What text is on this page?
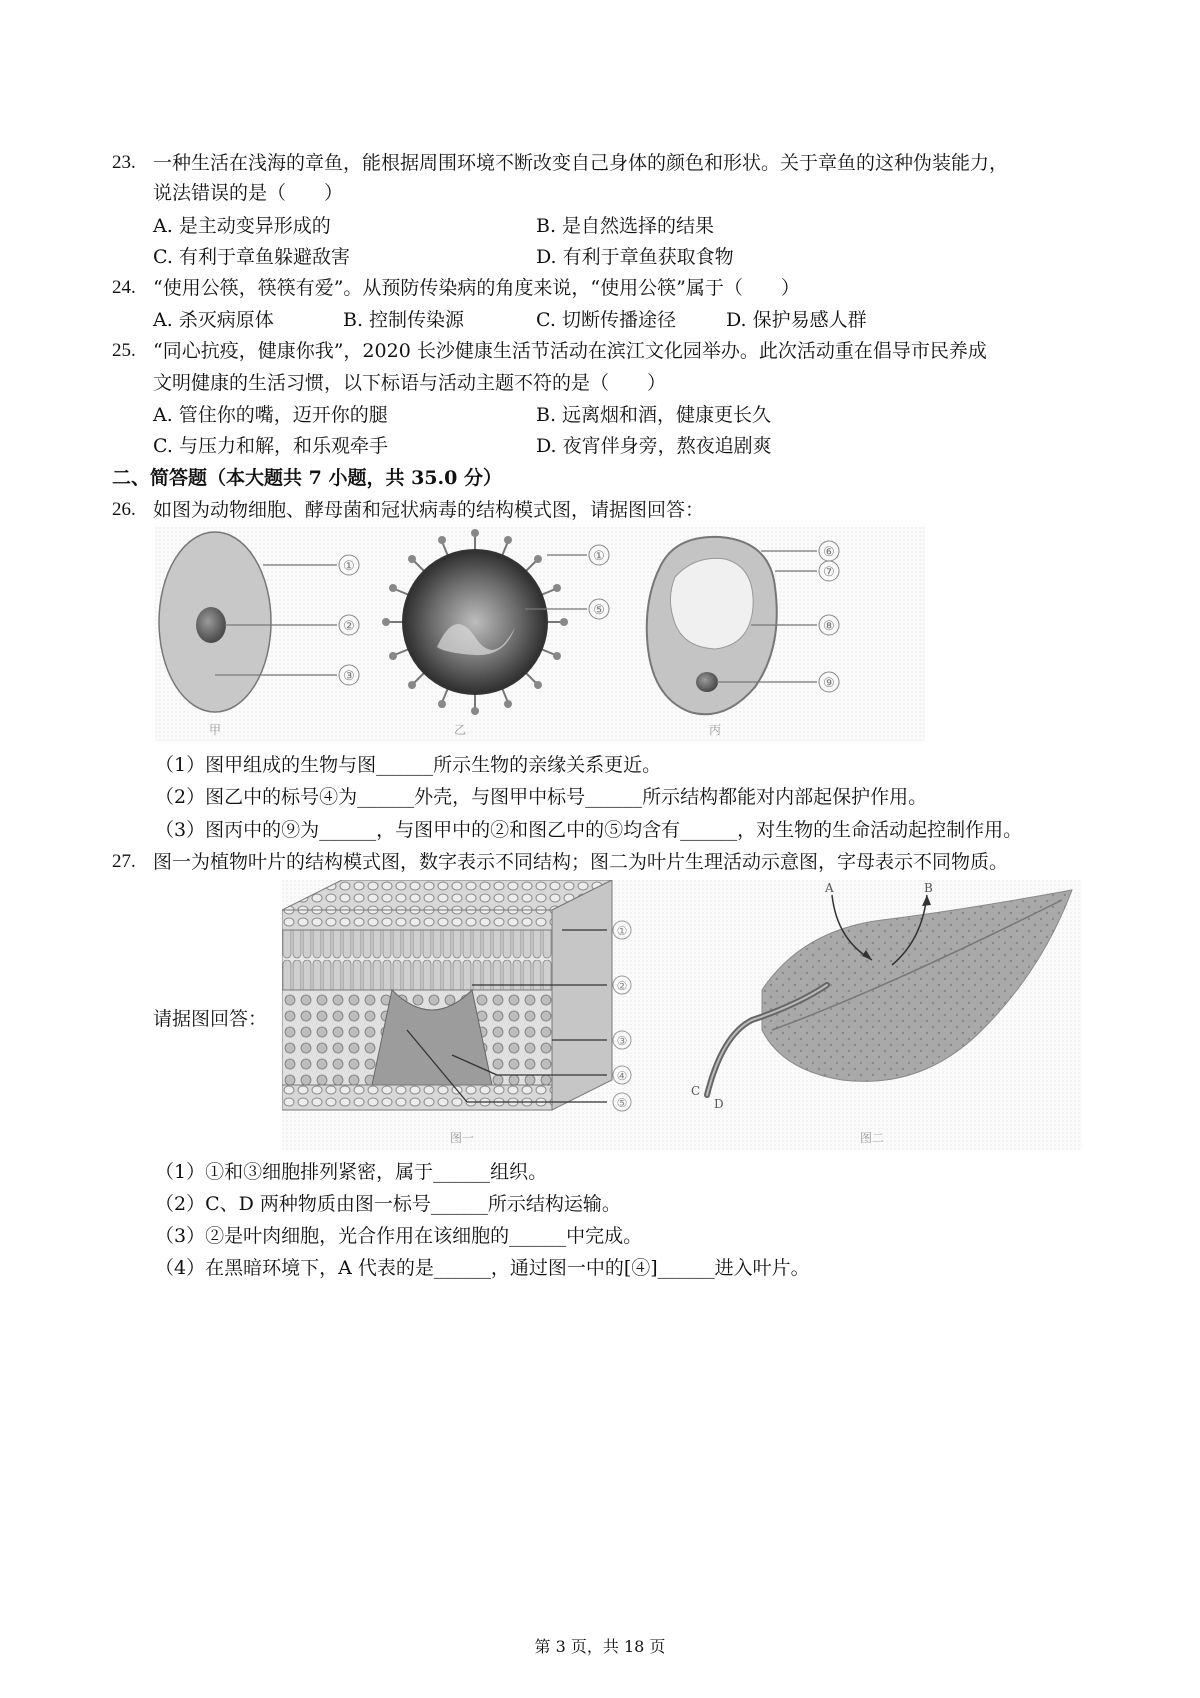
23. 一种生活在浅海的章鱼，能根据周围环境不断改变自己身体的颜色和形状。关于章鱼的这种伪装能力，
说法错误的是（　　）
A. 是主动变异形成的	B. 是自然选择的结果
C. 有利于章鱼躲避敌害	D. 有利于章鱼获取食物
24. “使用公筷，筷筷有爱”。从预防传染病的角度来说，“使用公筷”属于（　　）
A. 杀灭病原体	B. 控制传染源	C. 切断传播途径	D. 保护易感人群
25. “同心抗疫，健康你我”，2020 长沙健康生活节活动在滨江文化园举办。此次活动重在倡导市民养成
文明健康的生活习惯，以下标语与活动主题不符的是（　　）
A. 管住你的嘴，迈开你的腿	B. 远离烟和酒，健康更长久
C. 与压力和解，和乐观牵手	D. 夜宵伴身旁，熬夜追剧爽
二、简答题（本大题共 7 小题，共 35.0 分）
26. 如图为动物细胞、酵母菌和冠状病毒的结构模式图，请据图回答：
①
②
③
甲
①
⑤
乙
⑥
⑦
⑧
⑨
丙
（1）图甲组成的生物与图______所示生物的亲缘关系更近。
（2）图乙中的标号④为______外壳，与图甲中标号______所示结构都能对内部起保护作用。
（3）图丙中的⑨为______，与图甲中的②和图乙中的⑤均含有______，对生物的生命活动起控制作用。
27. 图一为植物叶片的结构模式图，数字表示不同结构；图二为叶片生理活动示意图，字母表示不同物质。
请据图回答：
①
②
③
④
⑤
图一
A	B
C
D
图二
（1）①和③细胞排列紧密，属于______组织。
（2）C、D 两种物质由图一标号______所示结构运输。
（3）②是叶肉细胞，光合作用在该细胞的______中完成。
（4）在黑暗环境下，A 代表的是______，通过图一中的[④]______进入叶片。
第 3 页，共 18 页
